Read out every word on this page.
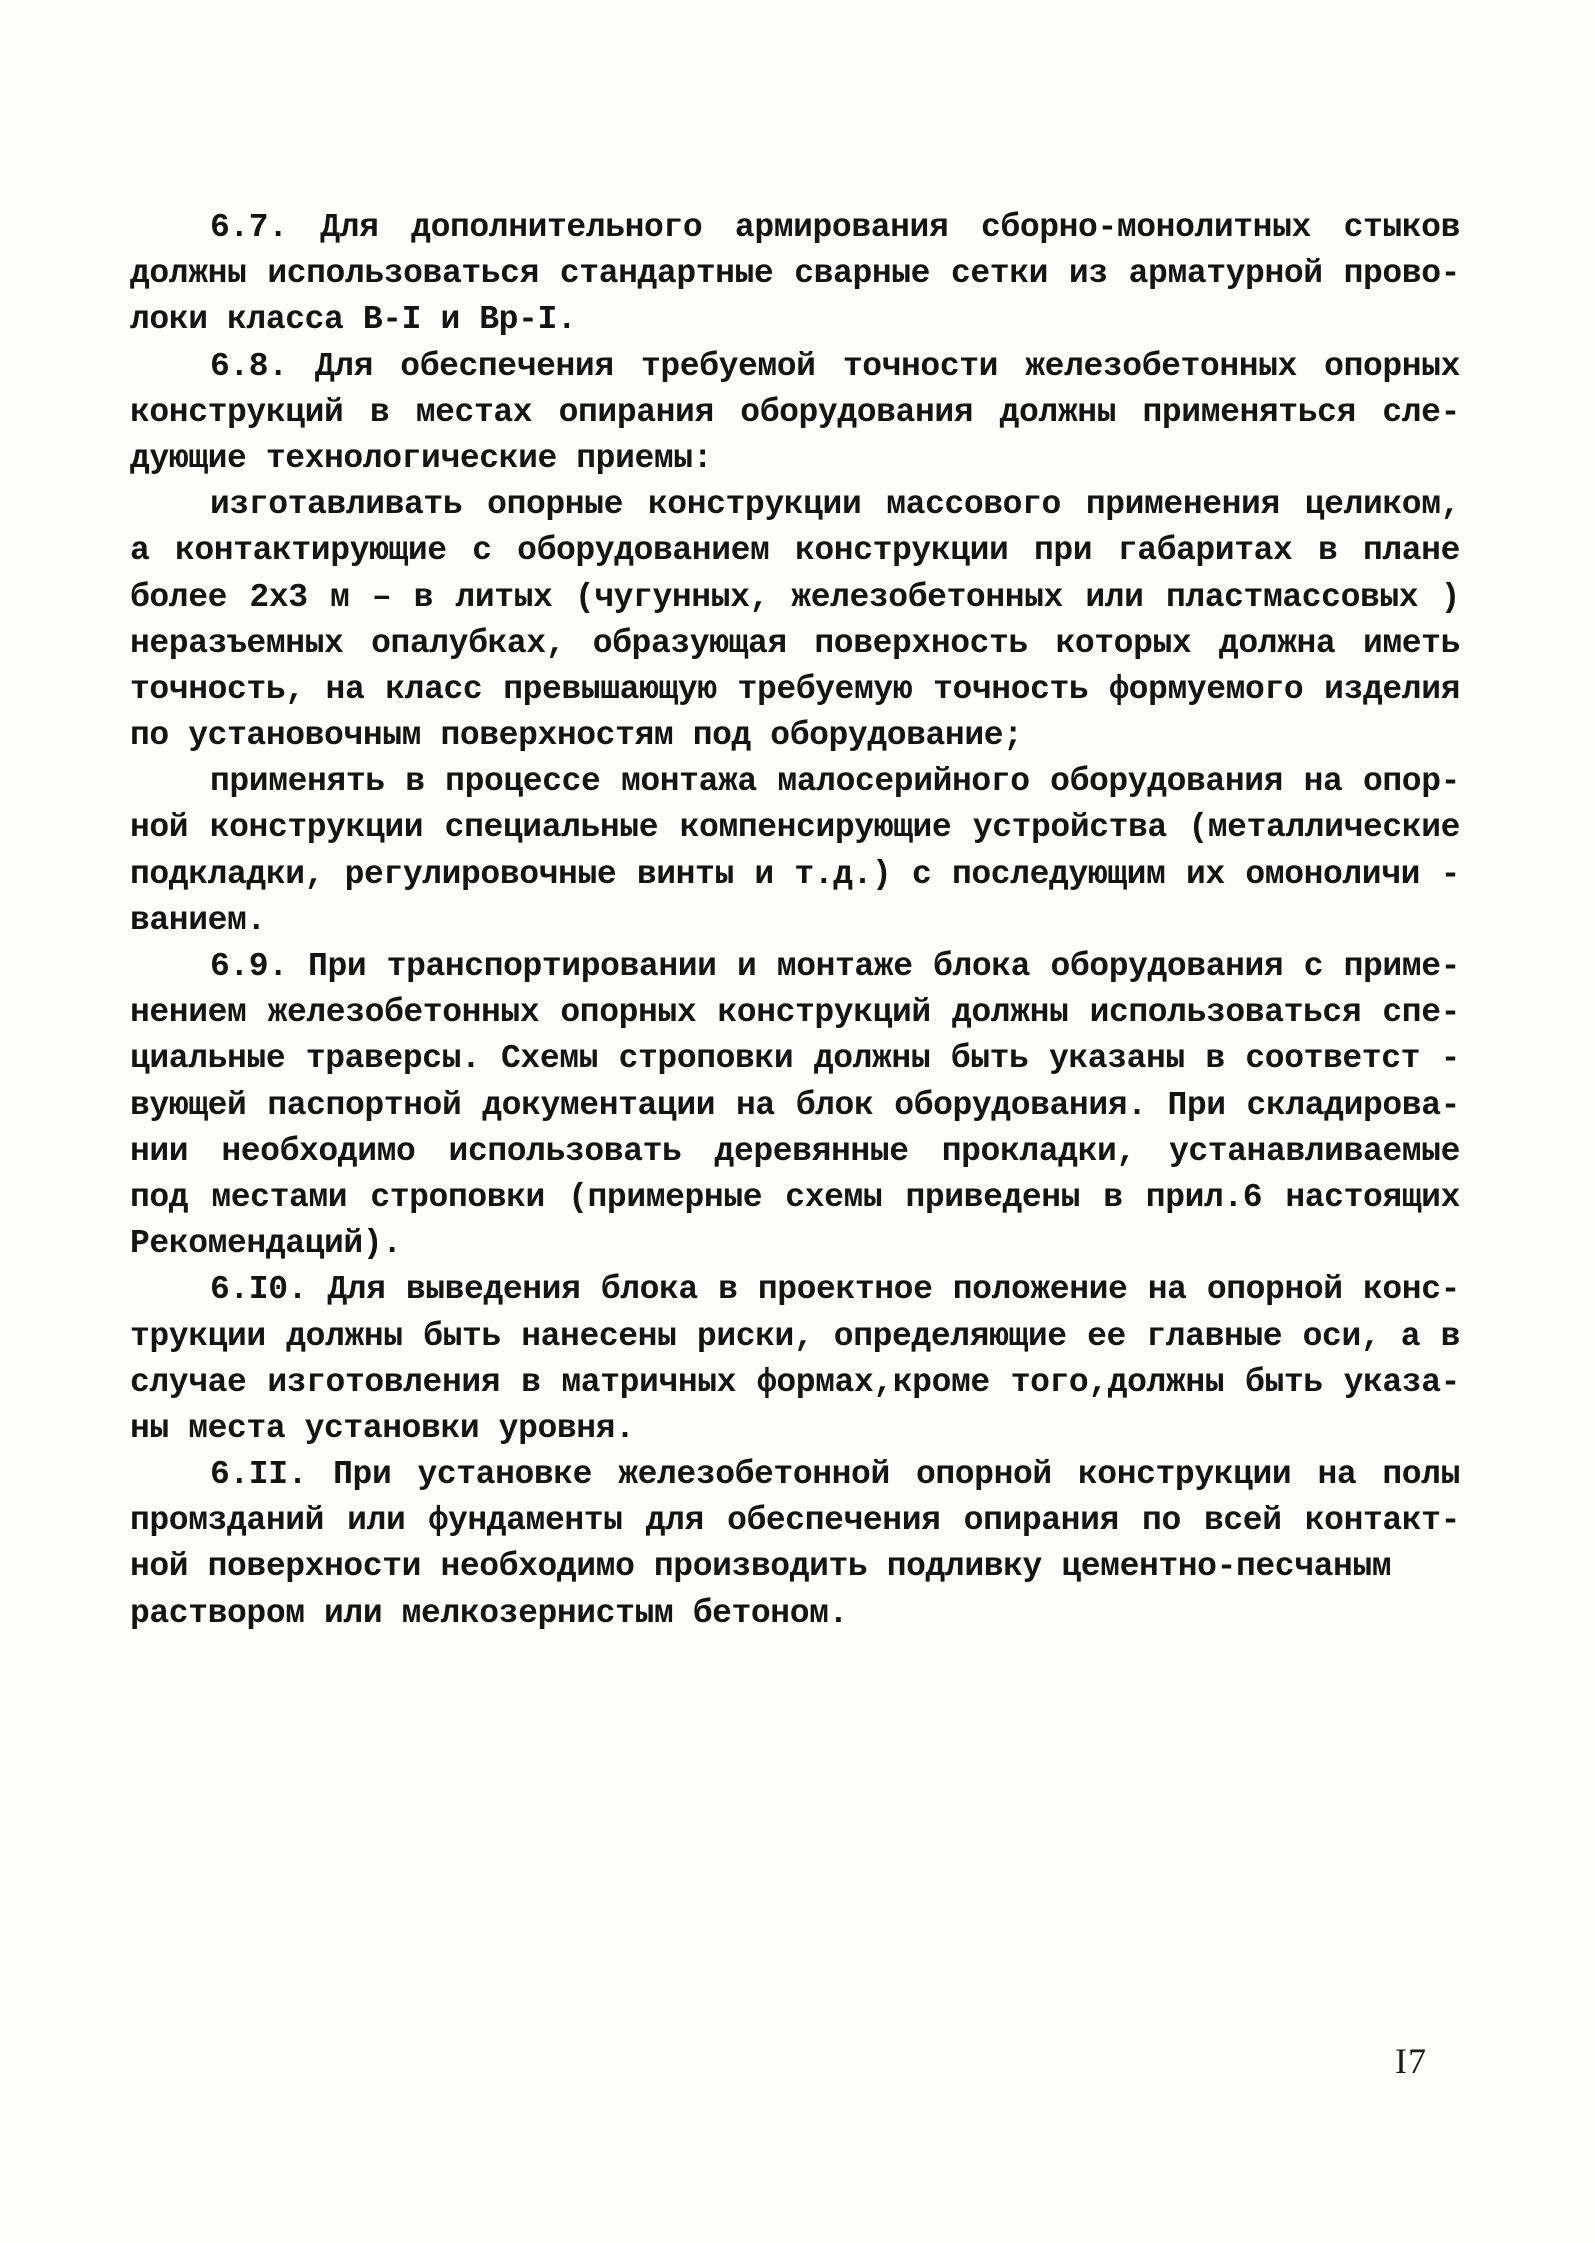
6.7. Для дополнительного армирования сборно-монолитных стыков
должны использоваться стандартные сварные сетки из арматурной прово-
локи класса В-I и Вр-I.
6.8. Для обеспечения требуемой точности железобетонных опорных
конструкций в местах опирания оборудования должны применяться сле-
дующие технологические приемы:
изготавливать опорные конструкции массового применения целиком,
а контактирующие с оборудованием конструкции при габаритах в плане
более 2х3 м – в литых (чугунных, железобетонных или пластмассовых )
неразъемных опалубках, образующая поверхность которых должна иметь
точность, на класс превышающую требуемую точность формуемого изделия
по установочным поверхностям под оборудование;
применять в процессе монтажа малосерийного оборудования на опор-
ной конструкции специальные компенсирующие устройства (металлические
подкладки, регулировочные винты и т.д.) с последующим их омоноличи -
ванием.
6.9. При транспортировании и монтаже блока оборудования с приме-
нением железобетонных опорных конструкций должны использоваться спе-
циальные траверсы. Схемы строповки должны быть указаны в соответст -
вующей паспортной документации на блок оборудования. При складирова-
нии необходимо использовать деревянные прокладки, устанавливаемые
под местами строповки (примерные схемы приведены в прил.6 настоящих
Рекомендаций).
6.I0. Для выведения блока в проектное положение на опорной конс-
трукции должны быть нанесены риски, определяющие ее главные оси, а в
случае изготовления в матричных формах,кроме того,должны быть указа-
ны места установки уровня.
6.II. При установке железобетонной опорной конструкции на полы
промзданий или фундаменты для обеспечения опирания по всей контакт-
ной поверхности необходимо производить подливку цементно-песчаным
раствором или мелкозернистым бетоном.
I7
